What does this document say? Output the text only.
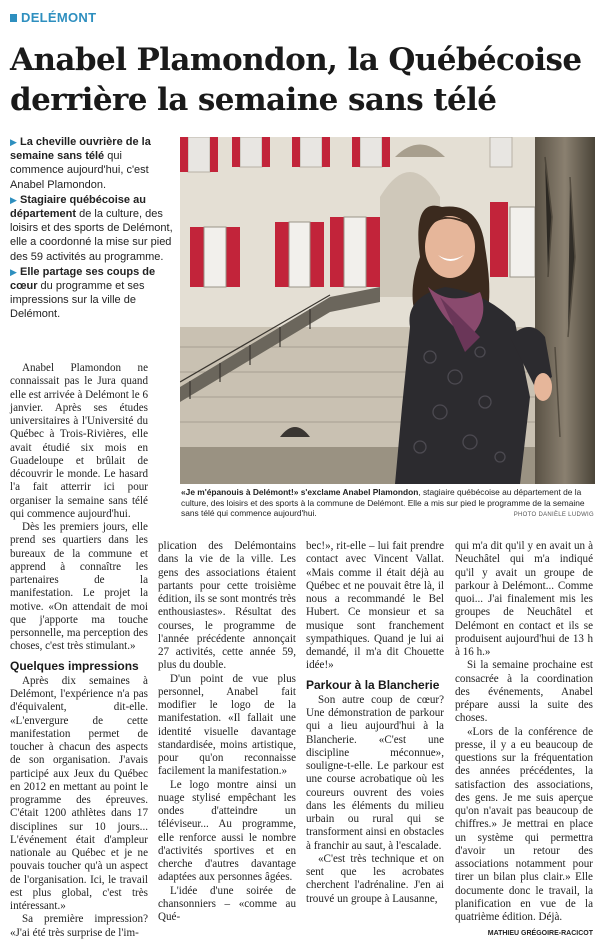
DELÉMONT
Anabel Plamondon, la Québécoise
derrière la semaine sans télé

▶ La cheville ouvrière de la semaine sans télé qui commence aujourd'hui, c'est Anabel Plamondon.

▶ Stagiaire québécoise au département de la culture, des loisirs et des sports de Delémont, elle a coordonné la mise sur pied des 59 activités au programme.

▶ Elle partage ses coups de cœur du programme et ses impressions sur la ville de Delémont.

«Je m'épanouis à Delémont!» s'exclame Anabel Plamondon, stagiaire québécoise au département de la culture, des loisirs et des sports à la commune de Delémont. Elle a mis sur pied le programme de la semaine sans télé qui commence aujourd'hui.	PHOTO DANIÈLE LUDWIG

Anabel Plamondon ne connaissait pas le Jura quand elle est arrivée à Delémont le 6 janvier. Après ses études universitaires à l'Université du Québec à Trois-Rivières, elle avait étudié six mois en Guadeloupe et brûlait de découvrir le monde. Le hasard l'a fait atterrir ici pour organiser la semaine sans télé qui commence aujourd'hui.

Dès les premiers jours, elle prend ses quartiers dans les bureaux de la commune et apprend à connaître les partenaires de la manifestation. Le projet la motive. «On attendait de moi que j'apporte ma touche personnelle, ma perception des choses, c'est très stimulant.»

Quelques impressions

Après dix semaines à Delémont, l'expérience n'a pas d'équivalent, dit-elle. «L'envergure de cette manifestation permet de toucher à chacun des aspects de son organisation. J'avais participé aux Jeux du Québec en 2012 en mettant au point le programme des épreuves. C'était 1200 athlètes dans 17 disciplines sur 10 jours... L'événement était d'ampleur nationale au Québec et je ne pouvais toucher qu'à un aspect de l'organisation. Ici, le travail est plus global, c'est très intéressant.»

Sa première impression? «J'ai été très surprise de l'im-

plication des Delémontains dans la vie de la ville. Les gens des associations étaient partants pour cette troisième édition, ils se sont montrés très enthousiastes». Résultat des courses, le programme de l'année précédente annonçait 27 activités, cette année 59, plus du double.

D'un point de vue plus personnel, Anabel fait modifier le logo de la manifestation. «Il fallait une identité visuelle davantage standardisée, moins artistique, pour qu'on reconnaisse facilement la manifestation.»

Le logo montre ainsi un nuage stylisé empêchant les ondes d'atteindre un téléviseur... Au programme, elle renforce aussi le nombre d'activités sportives et en cherche d'autres davantage adaptées aux personnes âgées.

L'idée d'une soirée de chansonniers – «comme au Qué-

bec!», rit-elle – lui fait prendre contact avec Vincent Vallat. «Mais comme il était déjà au Québec et ne pouvait être là, il nous a recommandé le Bel Hubert. Ce monsieur et sa musique sont franchement sympathiques. Quand je lui ai demandé, il m'a dit Chouette idée!»

Parkour à la Blancherie

Son autre coup de cœur? Une démonstration de parkour qui a lieu aujourd'hui à la Blancherie. «C'est une discipline méconnue», souligne-t-elle. Le parkour est une course acrobatique où les coureurs ouvrent des voies dans les éléments du milieu urbain ou rural qui se transforment ainsi en obstacles à franchir au saut, à l'escalade.

«C'est très technique et on sent que les acrobates cherchent l'adrénaline. J'en ai trouvé un groupe à Lausanne,

qui m'a dit qu'il y en avait un à Neuchâtel qui m'a indiqué qu'il y avait un groupe de parkour à Delémont... Comme quoi... J'ai finalement mis les groupes de Neuchâtel et Delémont en contact et ils se produisent aujourd'hui de 13 h à 16 h.»

Si la semaine prochaine est consacrée à la coordination des événements, Anabel prépare aussi la suite des choses.

«Lors de la conférence de presse, il y a eu beaucoup de questions sur la fréquentation des années précédentes, la satisfaction des associations, des gens. Je me suis aperçue qu'on n'avait pas beaucoup de chiffres.» Je mettrai en place un système qui permettra d'avoir un retour des associations notamment pour tirer un bilan plus clair.» Elle documente donc le travail, la planification en vue de la quatrième édition. Déjà.

MATHIEU GRÉGOIRE-RACICOT
